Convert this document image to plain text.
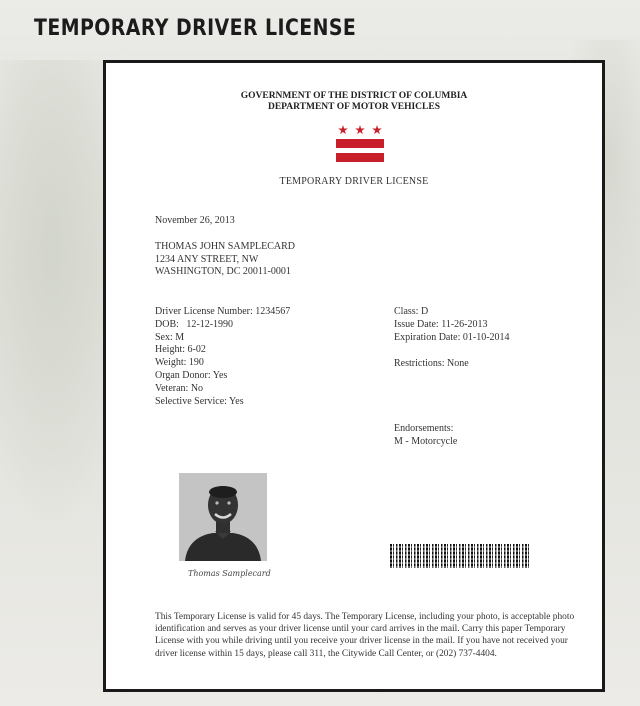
TEMPORARY DRIVER LICENSE
GOVERNMENT OF THE DISTRICT OF COLUMBIA
DEPARTMENT OF MOTOR VEHICLES
TEMPORARY DRIVER LICENSE
November 26, 2013
THOMAS JOHN SAMPLECARD
1234 ANY STREET, NW
WASHINGTON, DC 20011-0001
Driver License Number: 1234567
DOB:   12-12-1990
Sex: M
Height: 6-02
Weight: 190
Organ Donor: Yes
Veteran: No
Selective Service: Yes
Class: D
Issue Date: 11-26-2013
Expiration Date: 01-10-2014
Restrictions: None
Endorsements:
M - Motorcycle
Thomas Samplecard
This Temporary License is valid for 45 days. The Temporary License, including your photo, is acceptable photo identification and serves as your driver license until your card arrives in the mail. Carry this paper Temporary License with you while driving until you receive your driver license in the mail. If you have not received your driver license within 15 days, please call 311, the Citywide Call Center, or (202) 737-4404.
